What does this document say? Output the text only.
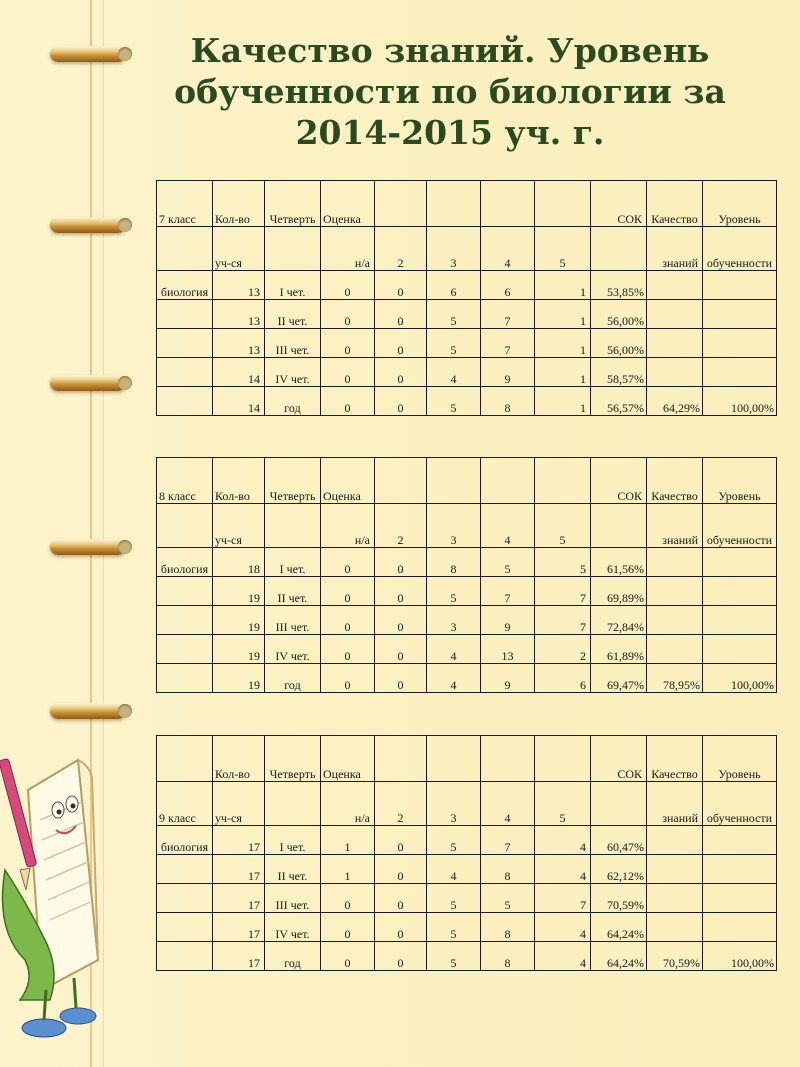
Качество знаний. Уровень
обученности по биологии за
2014-2015 уч. г.
7 класс	Кол-во	Четверть	Оценка					СОК	Качество	Уровень
	уч-ся		н/а	2	3	4	5		знаний	обученности
биология	13	I чет.	0	0	6	6	1	53,85%		
	13	II чет.	0	0	5	7	1	56,00%		
	13	III чет.	0	0	5	7	1	56,00%		
	14	IV чет.	0	0	4	9	1	58,57%		
	14	год	0	0	5	8	1	56,57%	64,29%	100,00%
8 класс	Кол-во	Четверть	Оценка					СОК	Качество	Уровень
	уч-ся		н/а	2	3	4	5		знаний	обученности
биология	18	I чет.	0	0	8	5	5	61,56%		
	19	II чет.	0	0	5	7	7	69,89%		
	19	III чет.	0	0	3	9	7	72,84%		
	19	IV чет.	0	0	4	13	2	61,89%		
	19	год	0	0	4	9	6	69,47%	78,95%	100,00%
	Кол-во	Четверть	Оценка					СОК	Качество	Уровень
9 класс	уч-ся		н/а	2	3	4	5		знаний	обученности
биология	17	I чет.	1	0	5	7	4	60,47%		
	17	II чет.	1	0	4	8	4	62,12%		
	17	III чет.	0	0	5	5	7	70,59%		
	17	IV чет.	0	0	5	8	4	64,24%		
	17	год	0	0	5	8	4	64,24%	70,59%	100,00%
